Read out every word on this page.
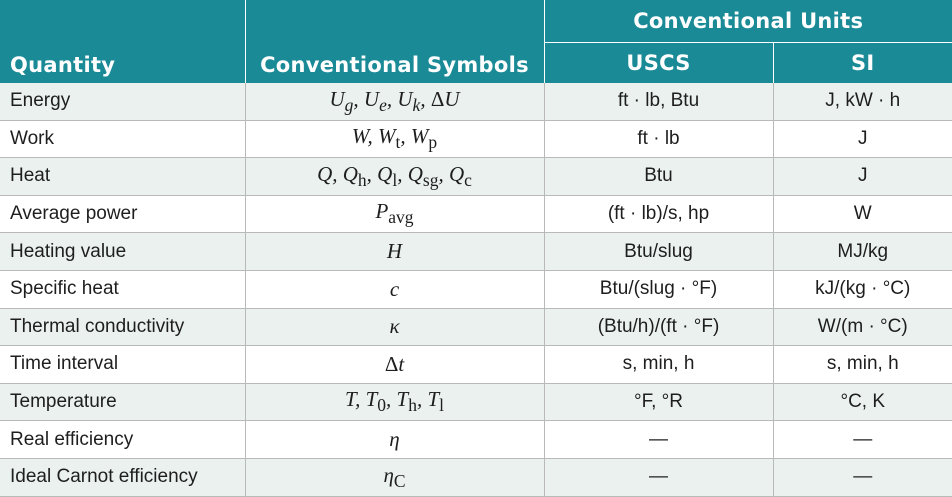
Quantity	Conventional Symbols	Conventional Units	
		USCS	SI
Energy	$U_g$, $U_e$, $U_k$, ΔU	ft · lb, Btu	J, kW · h
Work	W, $W_t$, $W_p$	ft · lb	J
Heat	Q, $Q_h$, $Q_l$, $Q_{sg}$, $Q_c$	Btu	J
Average power	$P_{avg}$	(ft · lb)/s, hp	W
Heating value	H	Btu/slug	MJ/kg
Specific heat	c	Btu/(slug · °F)	kJ/(kg · °C)
Thermal conductivity	κ	(Btu/h)/(ft · °F)	W/(m · °C)
Time interval	Δt	s, min, h	s, min, h
Temperature	T, $T_0$, $T_h$, $T_l$	°F, °R	°C, K
Real efficiency	η	—	—
Ideal Carnot efficiency	$\eta_C$	—	—
